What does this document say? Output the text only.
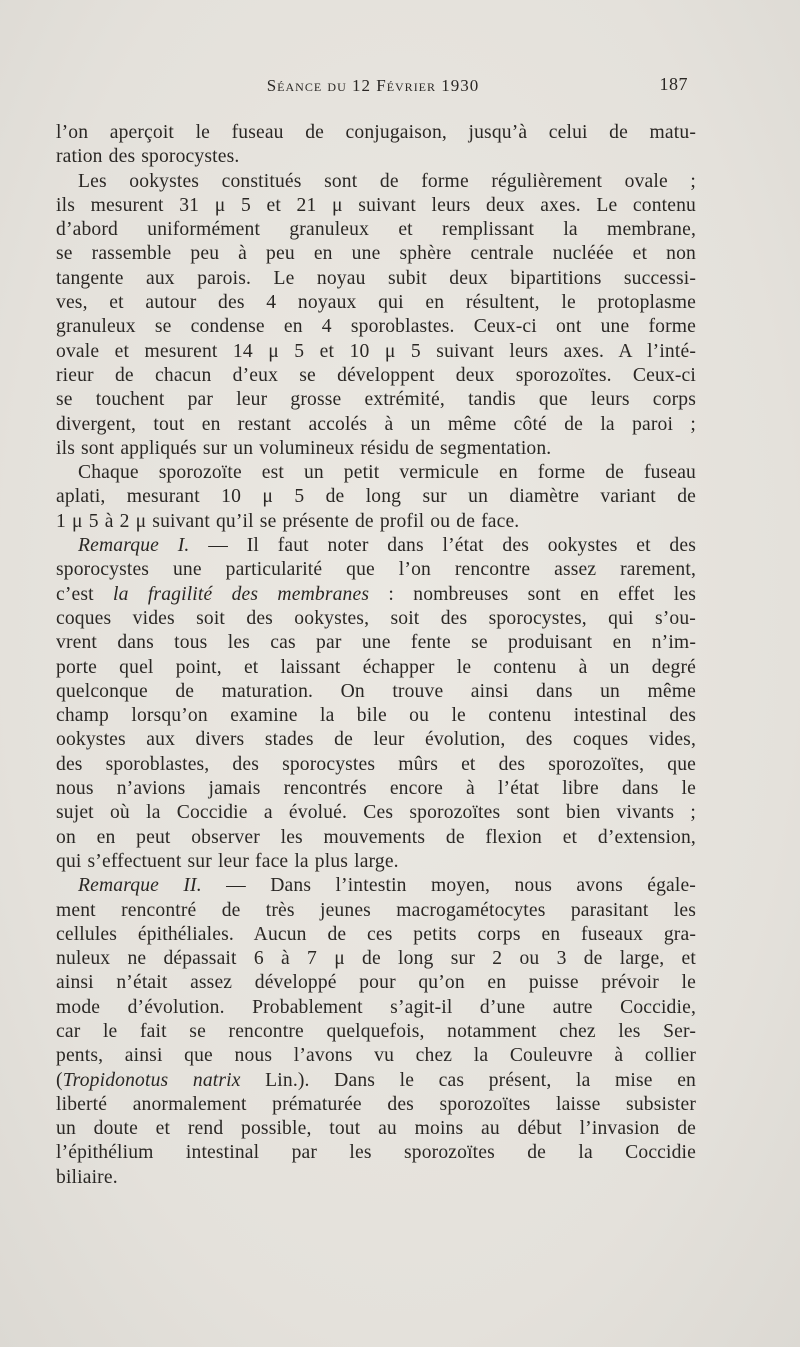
Séance du 12 Février 1930	187
l’on aperçoit le fuseau de conjugaison, jusqu’à celui de matu-
ration des sporocystes.
Les ookystes constitués sont de forme régulièrement ovale ;
ils mesurent 31 μ 5 et 21 μ suivant leurs deux axes. Le contenu
d’abord uniformément granuleux et remplissant la membrane,
se rassemble peu à peu en une sphère centrale nucléée et non
tangente aux parois. Le noyau subit deux bipartitions successi-
ves, et autour des 4 noyaux qui en résultent, le protoplasme
granuleux se condense en 4 sporoblastes. Ceux-ci ont une forme
ovale et mesurent 14 μ 5 et 10 μ 5 suivant leurs axes. A l’inté-
rieur de chacun d’eux se développent deux sporozoïtes. Ceux-ci
se touchent par leur grosse extrémité, tandis que leurs corps
divergent, tout en restant accolés à un même côté de la paroi ;
ils sont appliqués sur un volumineux résidu de segmentation.
Chaque sporozoïte est un petit vermicule en forme de fuseau
aplati, mesurant 10 μ 5 de long sur un diamètre variant de
1 μ 5 à 2 μ suivant qu’il se présente de profil ou de face.
Remarque I. — Il faut noter dans l’état des ookystes et des
sporocystes une particularité que l’on rencontre assez rarement,
c’est la fragilité des membranes : nombreuses sont en effet les
coques vides soit des ookystes, soit des sporocystes, qui s’ou-
vrent dans tous les cas par une fente se produisant en n’im-
porte quel point, et laissant échapper le contenu à un degré
quelconque de maturation. On trouve ainsi dans un même
champ lorsqu’on examine la bile ou le contenu intestinal des
ookystes aux divers stades de leur évolution, des coques vides,
des sporoblastes, des sporocystes mûrs et des sporozoïtes, que
nous n’avions jamais rencontrés encore à l’état libre dans le
sujet où la Coccidie a évolué. Ces sporozoïtes sont bien vivants ;
on en peut observer les mouvements de flexion et d’extension,
qui s’effectuent sur leur face la plus large.
Remarque II. — Dans l’intestin moyen, nous avons égale-
ment rencontré de très jeunes macrogamétocytes parasitant les
cellules épithéliales. Aucun de ces petits corps en fuseaux gra-
nuleux ne dépassait 6 à 7 μ de long sur 2 ou 3 de large, et
ainsi n’était assez développé pour qu’on en puisse prévoir le
mode d’évolution. Probablement s’agit-il d’une autre Coccidie,
car le fait se rencontre quelquefois, notamment chez les Ser-
pents, ainsi que nous l’avons vu chez la Couleuvre à collier
(Tropidonotus natrix Lin.). Dans le cas présent, la mise en
liberté anormalement prématurée des sporozoïtes laisse subsister
un doute et rend possible, tout au moins au début l’invasion de
l’épithélium intestinal par les sporozoïtes de la Coccidie
biliaire.
